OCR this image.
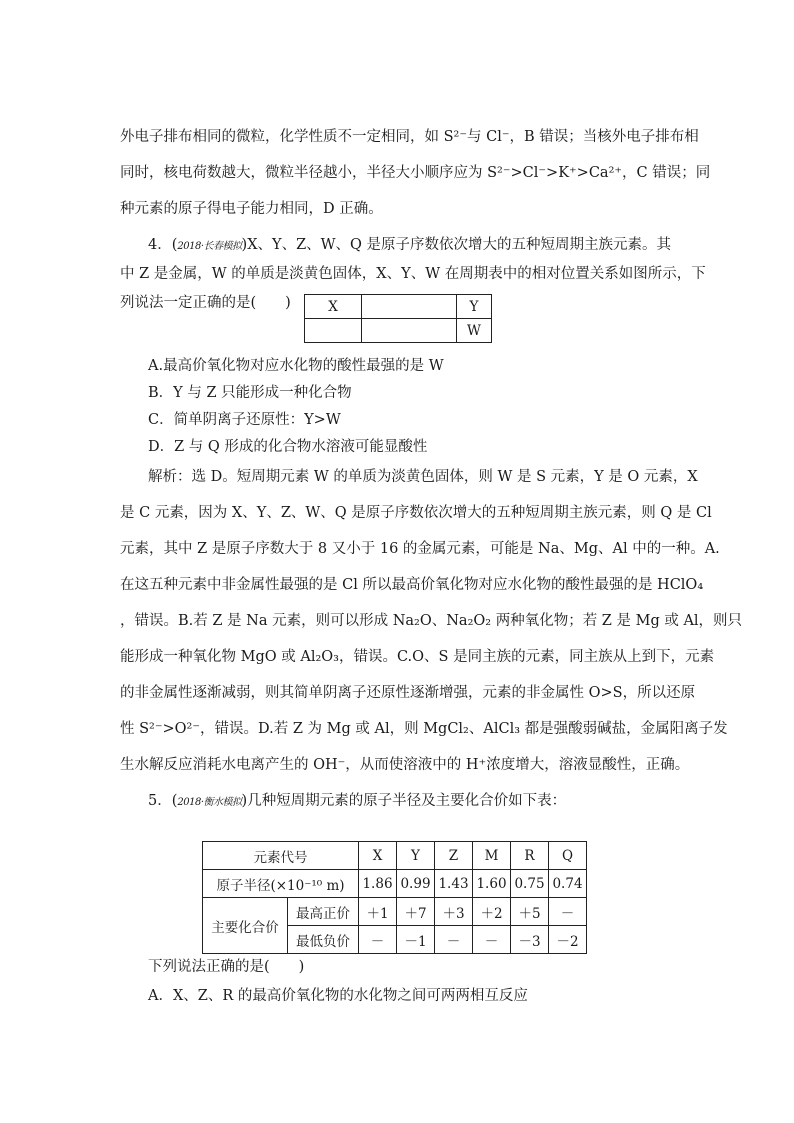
外电子排布相同的微粒，化学性质不一定相同，如 S²⁻与 Cl⁻，B 错误；当核外电子排布相
同时，核电荷数越大，微粒半径越小，半径大小顺序应为 S²⁻>Cl⁻>K⁺>Ca²⁺，C 错误；同
种元素的原子得电子能力相同，D 正确。
4．(2018·长春模拟)X、Y、Z、W、Q 是原子序数依次增大的五种短周期主族元素。其
中 Z 是金属，W 的单质是淡黄色固体，X、Y、W 在周期表中的相对位置关系如图所示，下
列说法一定正确的是(　　)	X		Y
		W
A.最高价氧化物对应水化物的酸性最强的是 W
B．Y 与 Z 只能形成一种化合物
C．简单阴离子还原性：Y>W
D．Z 与 Q 形成的化合物水溶液可能显酸性
解析：选 D。短周期元素 W 的单质为淡黄色固体，则 W 是 S 元素，Y 是 O 元素，X
是 C 元素，因为 X、Y、Z、W、Q 是原子序数依次增大的五种短周期主族元素，则 Q 是 Cl
元素，其中 Z 是原子序数大于 8 又小于 16 的金属元素，可能是 Na、Mg、Al 中的一种。A.
在这五种元素中非金属性最强的是 Cl 所以最高价氧化物对应水化物的酸性最强的是 HClO₄
，错误。B.若 Z 是 Na 元素，则可以形成 Na₂O、Na₂O₂ 两种氧化物；若 Z 是 Mg 或 Al，则只
能形成一种氧化物 MgO 或 Al₂O₃，错误。C.O、S 是同主族的元素，同主族从上到下，元素
的非金属性逐渐减弱，则其简单阴离子还原性逐渐增强，元素的非金属性 O>S，所以还原
性 S²⁻>O²⁻，错误。D.若 Z 为 Mg 或 Al，则 MgCl₂、AlCl₃ 都是强酸弱碱盐，金属阳离子发
生水解反应消耗水电离产生的 OH⁻，从而使溶液中的 H⁺浓度增大，溶液显酸性，正确。
5．(2018·衡水模拟)几种短周期元素的原子半径及主要化合价如下表：
元素代号		X	Y	Z	M	R	Q
原子半径(×10⁻¹⁰ m)		1.86	0.99	1.43	1.60	0.75	0.74
主要化合价	最高正价	＋1	＋7	＋3	＋2	＋5	－
	最低负价	－	－1	－	－	－3	－2
下列说法正确的是(　　)
A．X、Z、R 的最高价氧化物的水化物之间可两两相互反应
